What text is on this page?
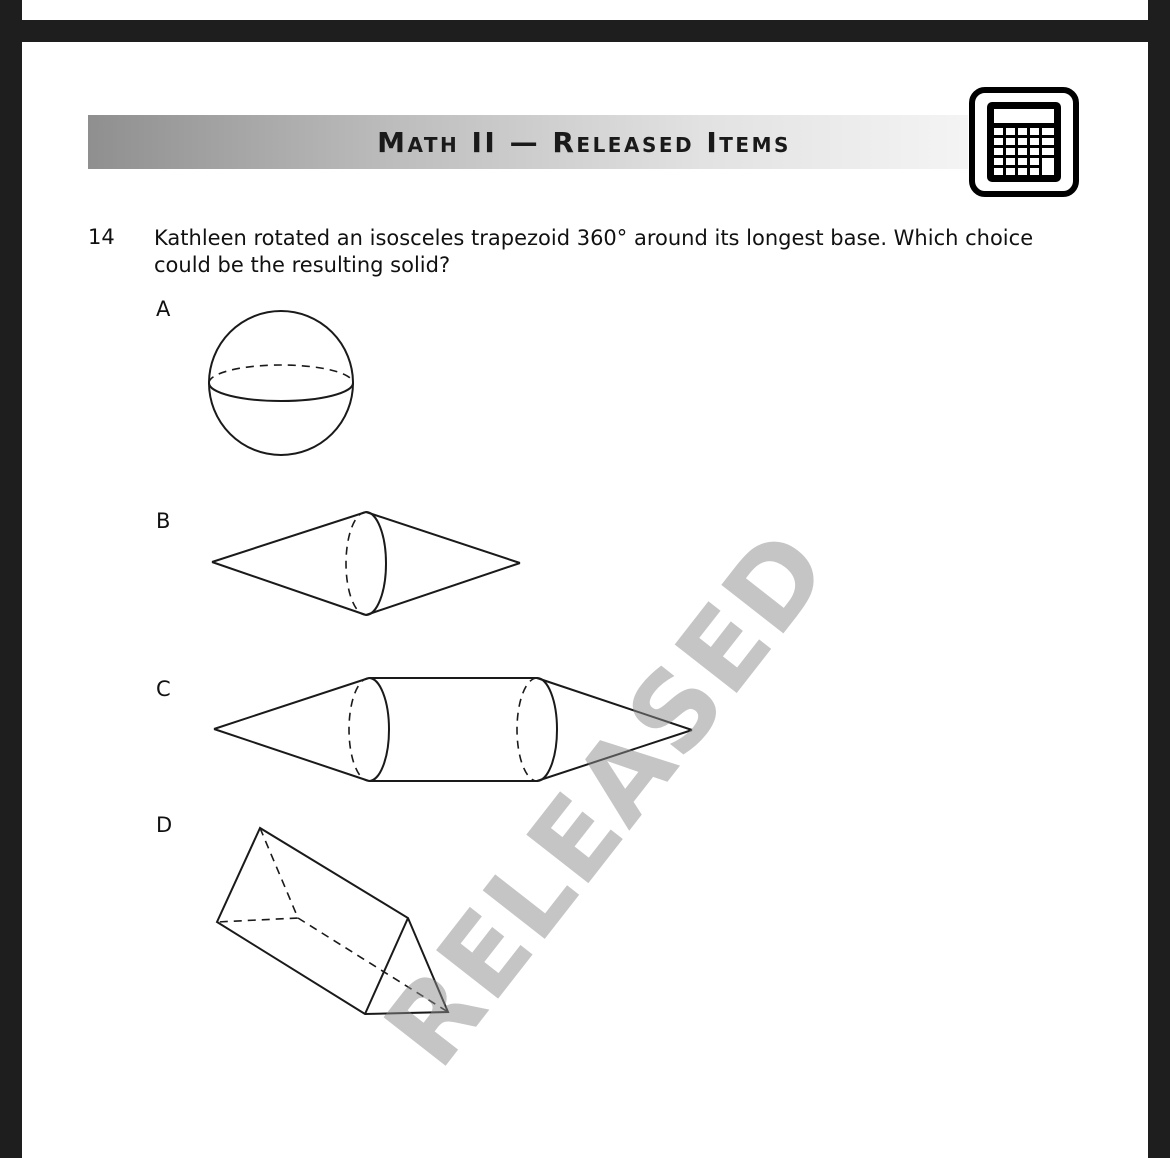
Math II — Released Items
14 Kathleen rotated an isosceles trapezoid 360° around its longest base. Which choice could be the resulting solid?
A
B
C
D RELEASED
